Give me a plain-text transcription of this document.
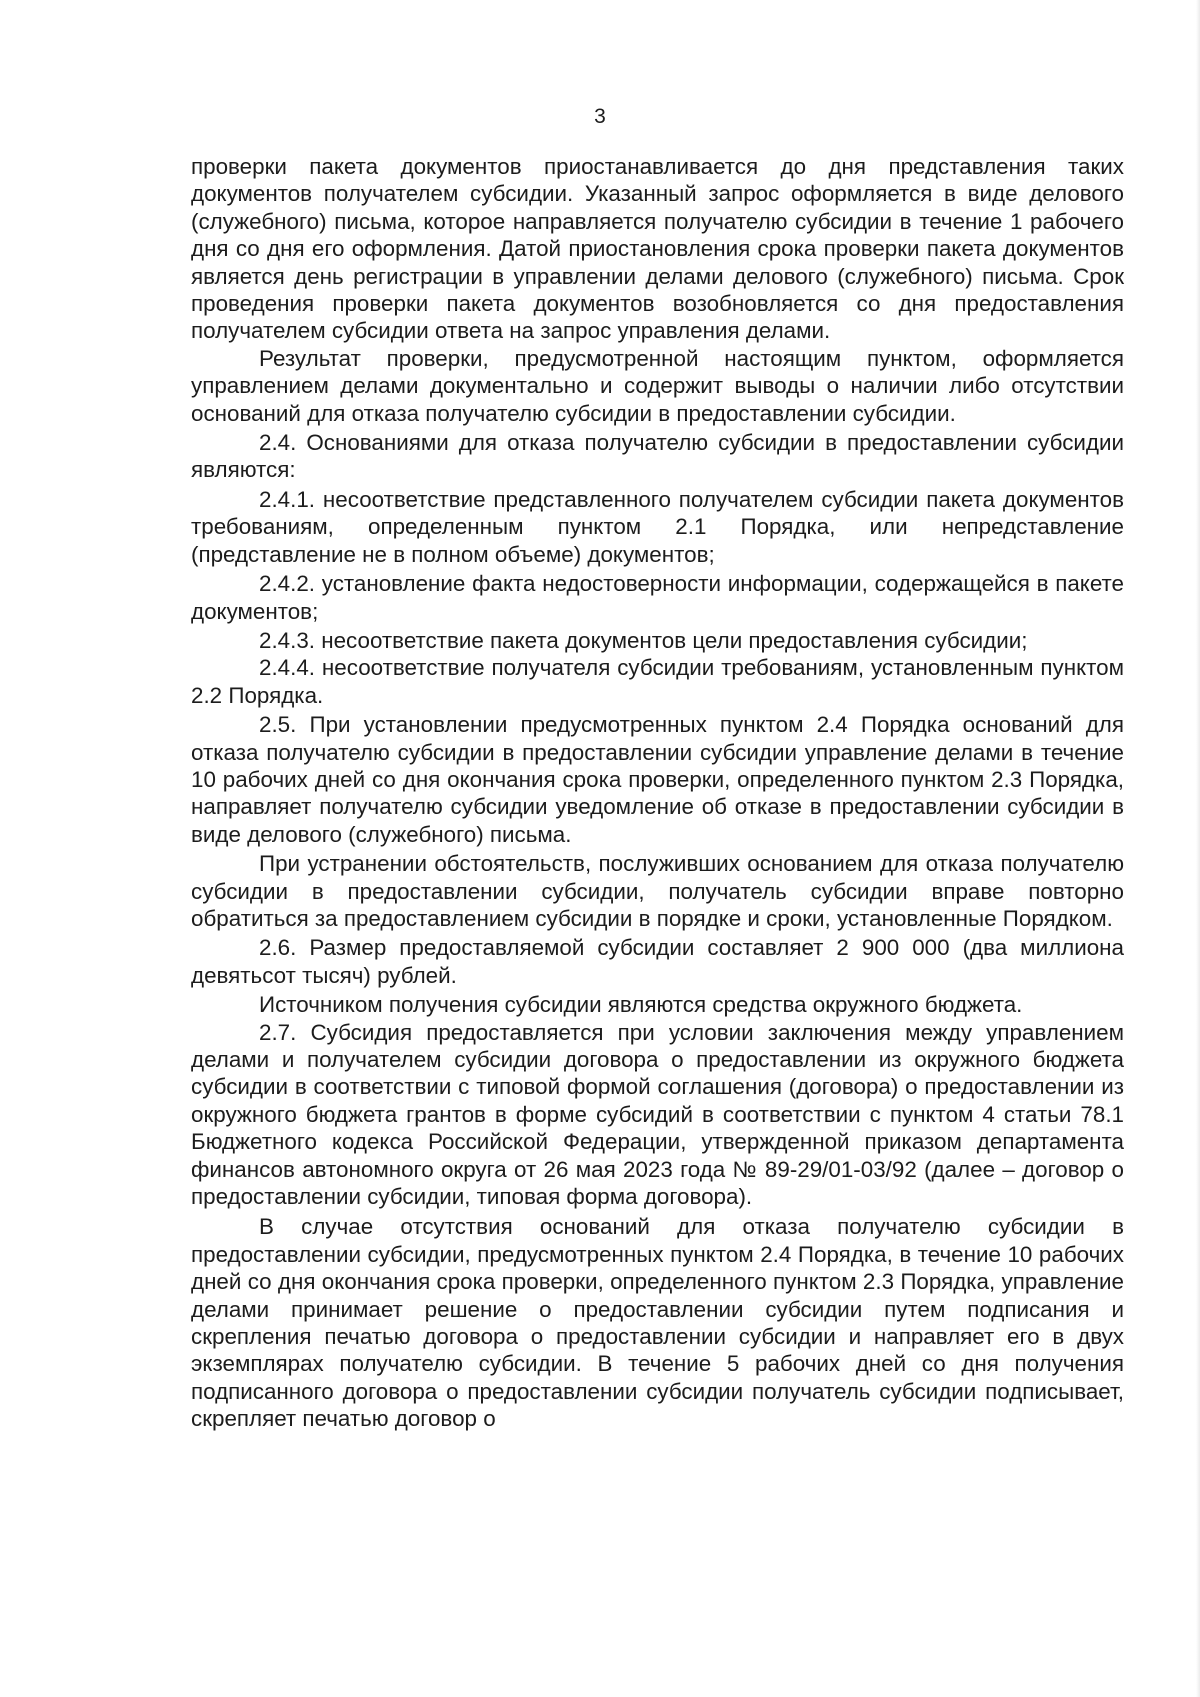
3

проверки пакета документов приостанавливается до дня представления таких документов получателем субсидии. Указанный запрос оформляется в виде делового (служебного) письма, которое направляется получателю субсидии в течение 1 рабочего дня со дня его оформления. Датой приостановления срока проверки пакета документов является день регистрации в управлении делами делового (служебного) письма. Срок проведения проверки пакета документов возобновляется со дня предоставления получателем субсидии ответа на запрос управления делами.

Результат проверки, предусмотренной настоящим пунктом, оформляется управлением делами документально и содержит выводы о наличии либо отсутствии оснований для отказа получателю субсидии в предоставлении субсидии.

2.4. Основаниями для отказа получателю субсидии в предоставлении субсидии являются:

2.4.1. несоответствие представленного получателем субсидии пакета документов требованиям, определенным пунктом 2.1 Порядка, или непредставление (представление не в полном объеме) документов;

2.4.2. установление факта недостоверности информации, содержащейся в пакете документов;

2.4.3. несоответствие пакета документов цели предоставления субсидии;

2.4.4. несоответствие получателя субсидии требованиям, установленным пунктом 2.2 Порядка.

2.5. При установлении предусмотренных пунктом 2.4 Порядка оснований для отказа получателю субсидии в предоставлении субсидии управление делами в течение 10 рабочих дней со дня окончания срока проверки, определенного пунктом 2.3 Порядка, направляет получателю субсидии уведомление об отказе в предоставлении субсидии в виде делового (служебного) письма.

При устранении обстоятельств, послуживших основанием для отказа получателю субсидии в предоставлении субсидии, получатель субсидии вправе повторно обратиться за предоставлением субсидии в порядке и сроки, установленные Порядком.

2.6. Размер предоставляемой субсидии составляет 2 900 000 (два миллиона девятьсот тысяч) рублей.

Источником получения субсидии являются средства окружного бюджета.

2.7. Субсидия предоставляется при условии заключения между управлением делами и получателем субсидии договора о предоставлении из окружного бюджета субсидии в соответствии с типовой формой соглашения (договора) о предоставлении из окружного бюджета грантов в форме субсидий в соответствии с пунктом 4 статьи 78.1 Бюджетного кодекса Российской Федерации, утвержденной приказом департамента финансов автономного округа от 26 мая 2023 года № 89-29/01-03/92 (далее – договор о предоставлении субсидии, типовая форма договора).

В случае отсутствия оснований для отказа получателю субсидии в предоставлении субсидии, предусмотренных пунктом 2.4 Порядка, в течение 10 рабочих дней со дня окончания срока проверки, определенного пунктом 2.3 Порядка, управление делами принимает решение о предоставлении субсидии путем подписания и скрепления печатью договора о предоставлении субсидии и направляет его в двух экземплярах получателю субсидии. В течение 5 рабочих дней со дня получения подписанного договора о предоставлении субсидии получатель субсидии подписывает, скрепляет печатью договор о
